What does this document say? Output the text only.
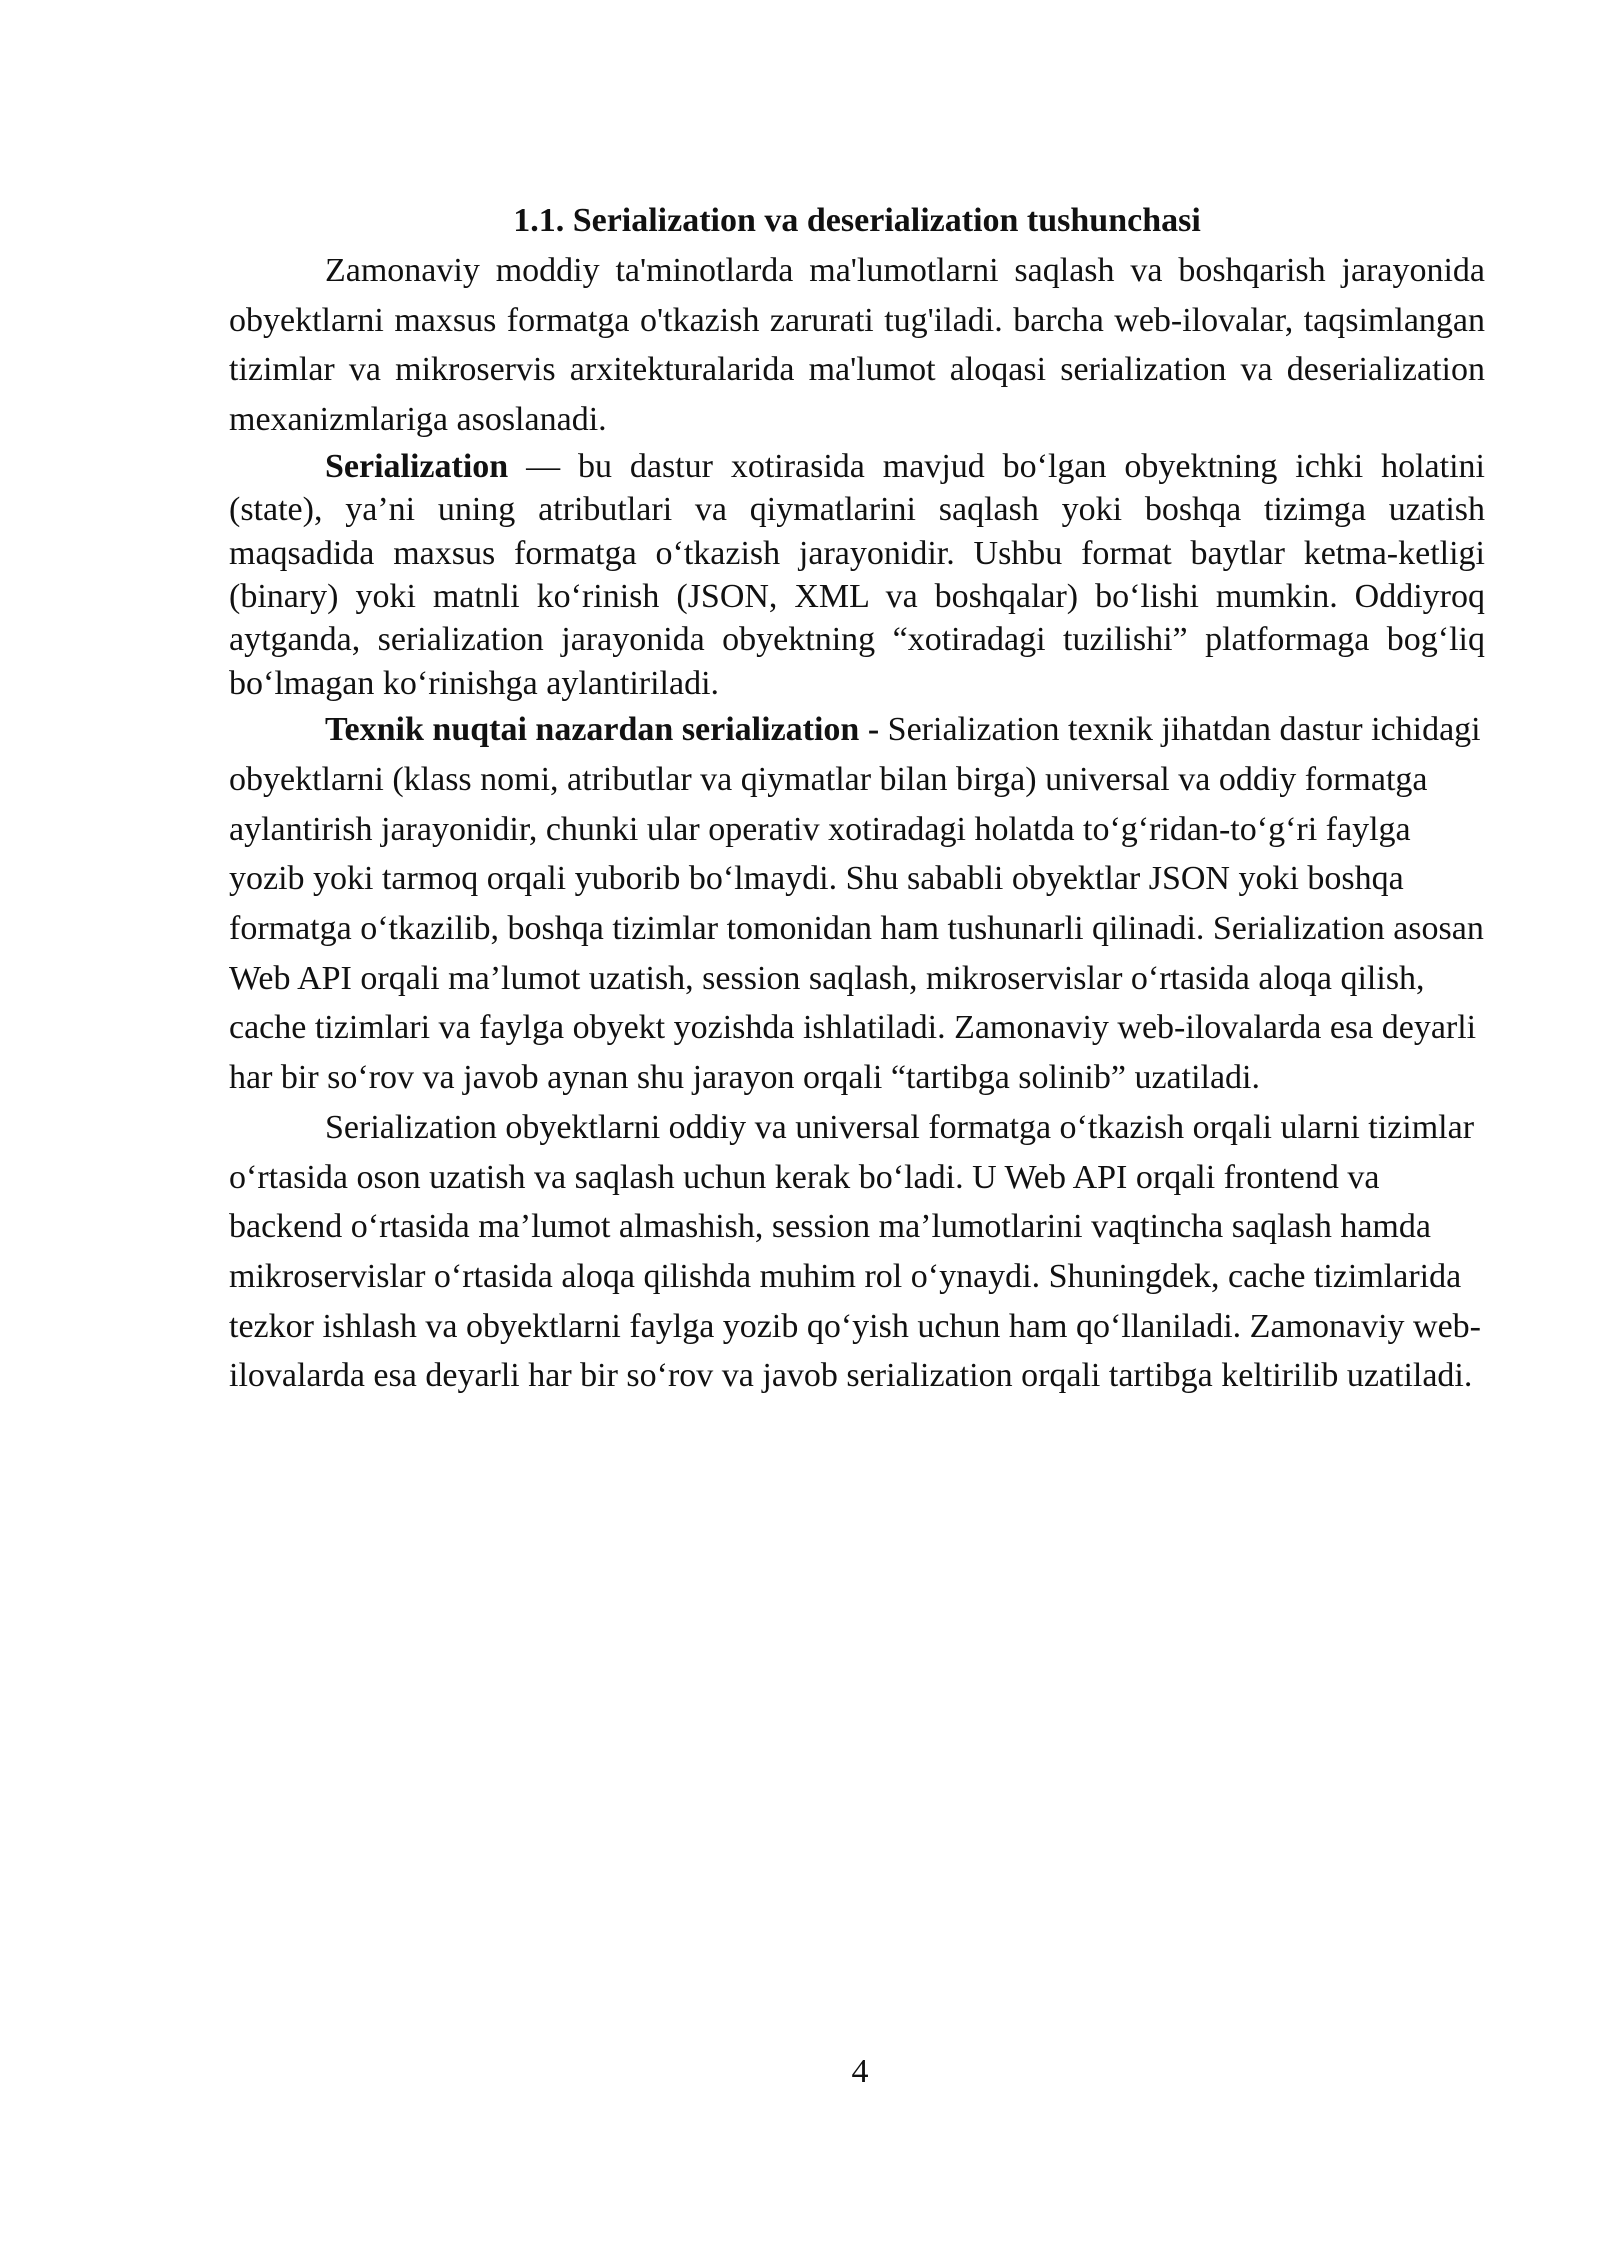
1.1. Serialization va deserialization tushunchasi

Zamonaviy moddiy ta'minotlarda ma'lumotlarni saqlash va boshqarish jarayonida obyektlarni maxsus formatga o'tkazish zarurati tug'iladi. barcha web-ilovalar, taqsimlangan tizimlar va mikroservis arxitekturalarida ma'lumot aloqasi serialization va deserialization mexanizmlariga asoslanadi.

Serialization — bu dastur xotirasida mavjud bo‘lgan obyektning ichki holatini (state), ya’ni uning atributlari va qiymatlarini saqlash yoki boshqa tizimga uzatish maqsadida maxsus formatga o‘tkazish jarayonidir. Ushbu format baytlar ketma-ketligi (binary) yoki matnli ko‘rinish (JSON, XML va boshqalar) bo‘lishi mumkin. Oddiyroq aytganda, serialization jarayonida obyektning “xotiradagi tuzilishi” platformaga bog‘liq bo‘lmagan ko‘rinishga aylantiriladi.

Texnik nuqtai nazardan serialization - Serialization texnik jihatdan dastur ichidagi obyektlarni (klass nomi, atributlar va qiymatlar bilan birga) universal va oddiy formatga aylantirish jarayonidir, chunki ular operativ xotiradagi holatda to‘g‘ridan-to‘g‘ri faylga yozib yoki tarmoq orqali yuborib bo‘lmaydi. Shu sababli obyektlar JSON yoki boshqa formatga o‘tkazilib, boshqa tizimlar tomonidan ham tushunarli qilinadi. Serialization asosan Web API orqali ma’lumot uzatish, session saqlash, mikroservislar o‘rtasida aloqa qilish, cache tizimlari va faylga obyekt yozishda ishlatiladi. Zamonaviy web-ilovalarda esa deyarli har bir so‘rov va javob aynan shu jarayon orqali “tartibga solinib” uzatiladi.

Serialization obyektlarni oddiy va universal formatga o‘tkazish orqali ularni tizimlar o‘rtasida oson uzatish va saqlash uchun kerak bo‘ladi. U Web API orqali frontend va backend o‘rtasida ma’lumot almashish, session ma’lumotlarini vaqtincha saqlash hamda mikroservislar o‘rtasida aloqa qilishda muhim rol o‘ynaydi. Shuningdek, cache tizimlarida tezkor ishlash va obyektlarni faylga yozib qo‘yish uchun ham qo‘llaniladi. Zamonaviy web-ilovalarda esa deyarli har bir so‘rov va javob serialization orqali tartibga keltirilib uzatiladi.

4
